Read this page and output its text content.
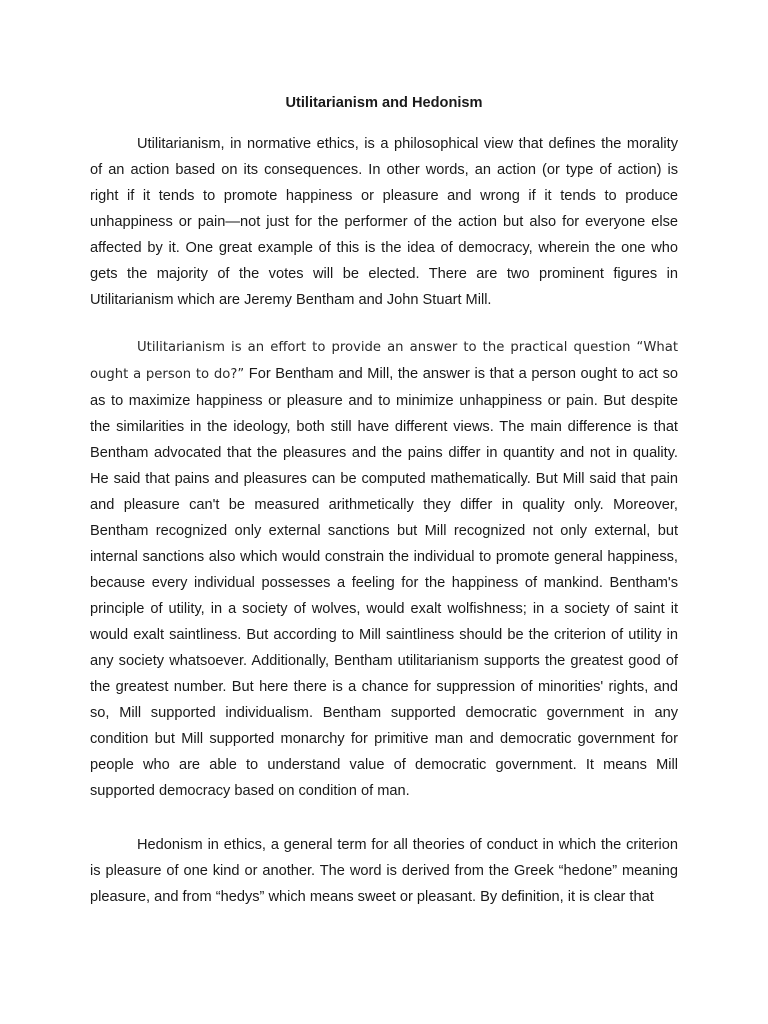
Utilitarianism and Hedonism

Utilitarianism, in normative ethics, is a philosophical view that defines the morality of an action based on its consequences. In other words, an action (or type of action) is right if it tends to promote happiness or pleasure and wrong if it tends to produce unhappiness or pain—not just for the performer of the action but also for everyone else affected by it. One great example of this is the idea of democracy, wherein the one who gets the majority of the votes will be elected. There are two prominent figures in Utilitarianism which are Jeremy Bentham and John Stuart Mill.

Utilitarianism is an effort to provide an answer to the practical question “What ought a person to do?” For Bentham and Mill, the answer is that a person ought to act so as to maximize happiness or pleasure and to minimize unhappiness or pain. But despite the similarities in the ideology, both still have different views. The main difference is that Bentham advocated that the pleasures and the pains differ in quantity and not in quality. He said that pains and pleasures can be computed mathematically. But Mill said that pain and pleasure can't be measured arithmetically they differ in quality only. Moreover, Bentham recognized only external sanctions but Mill recognized not only external, but internal sanctions also which would constrain the individual to promote general happiness, because every individual possesses a feeling for the happiness of mankind. Bentham's principle of utility, in a society of wolves, would exalt wolfishness; in a society of saint it would exalt saintliness. But according to Mill saintliness should be the criterion of utility in any society whatsoever. Additionally, Bentham utilitarianism supports the greatest good of the greatest number. But here there is a chance for suppression of minorities' rights, and so, Mill supported individualism. Bentham supported democratic government in any condition but Mill supported monarchy for primitive man and democratic government for people who are able to understand value of democratic government. It means Mill supported democracy based on condition of man.

Hedonism in ethics, a general term for all theories of conduct in which the criterion is pleasure of one kind or another. The word is derived from the Greek “hedone” meaning pleasure, and from “hedys” which means sweet or pleasant. By definition, it is clear that
